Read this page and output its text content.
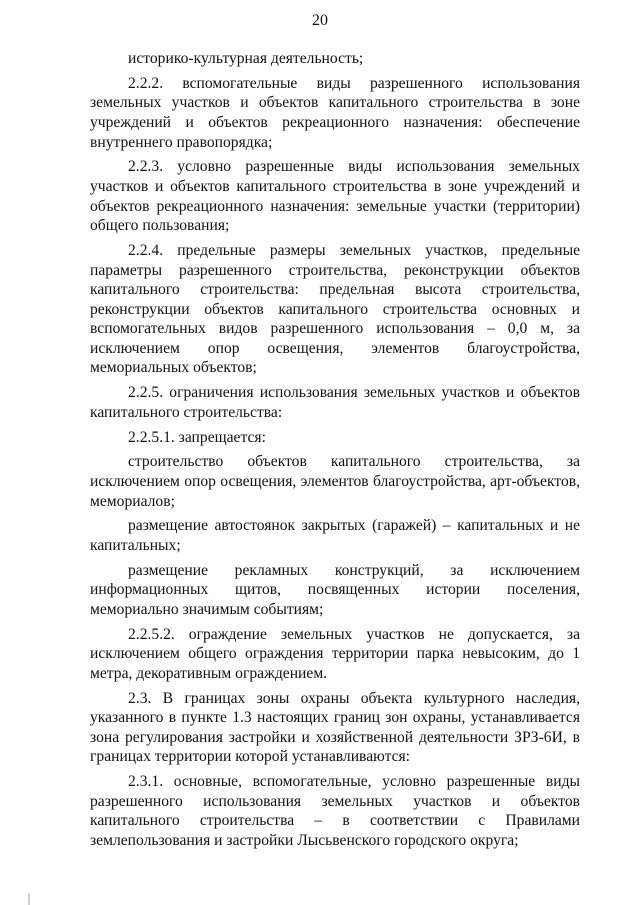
20

историко-культурная деятельность;

2.2.2. вспомогательные виды разрешенного использования земельных участков и объектов капитального строительства в зоне учреждений и объектов рекреационного назначения: обеспечение внутреннего правопорядка;

2.2.3. условно разрешенные виды использования земельных участков и объектов капитального строительства в зоне учреждений и объектов рекреационного назначения: земельные участки (территории) общего пользования;

2.2.4. предельные размеры земельных участков, предельные параметры разрешенного строительства, реконструкции объектов капитального строительства: предельная высота строительства, реконструкции объектов капитального строительства основных и вспомогательных видов разрешенного использования – 0,0 м, за исключением опор освещения, элементов благоустройства, мемориальных объектов;

2.2.5. ограничения использования земельных участков и объектов капитального строительства:

2.2.5.1. запрещается:

строительство объектов капитального строительства, за исключением опор освещения, элементов благоустройства, арт-объектов, мемориалов;

размещение автостоянок закрытых (гаражей) – капитальных и не капитальных;

размещение рекламных конструкций, за исключением информационных щитов, посвященных истории поселения, мемориально значимым событиям;

2.2.5.2. ограждение земельных участков не допускается, за исключением общего ограждения территории парка невысоким, до 1 метра, декоративным ограждением.

2.3. В границах зоны охраны объекта культурного наследия, указанного в пункте 1.3 настоящих границ зон охраны, устанавливается зона регулирования застройки и хозяйственной деятельности ЗРЗ-6И, в границах территории которой устанавливаются:

2.3.1. основные, вспомогательные, условно разрешенные виды разрешенного использования земельных участков и объектов капитального строительства – в соответствии с Правилами землепользования и застройки Лысьвенского городского округа;
